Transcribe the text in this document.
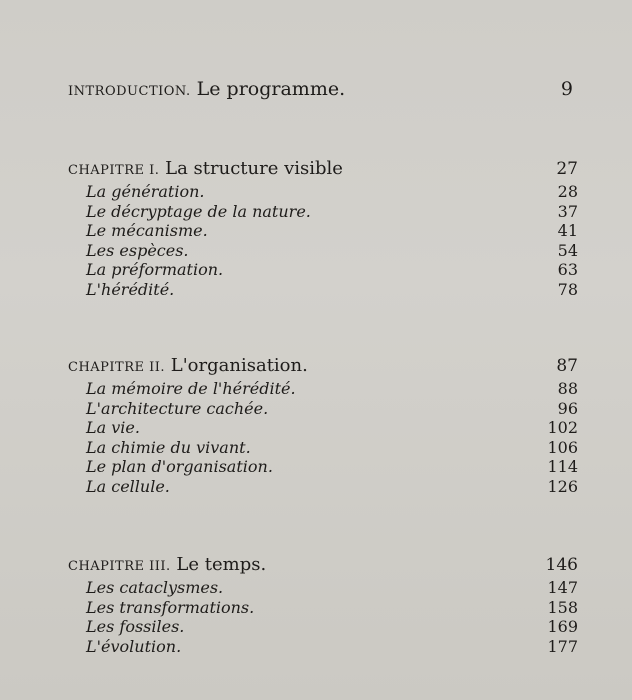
INTRODUCTION. Le programme.	9
CHAPITRE I. La structure visible	27
La génération.	28
Le décryptage de la nature.	37
Le mécanisme.	41
Les espèces.	54
La préformation.	63
L'hérédité.	78
CHAPITRE II. L'organisation.	87
La mémoire de l'hérédité.	88
L'architecture cachée.	96
La vie.	102
La chimie du vivant.	106
Le plan d'organisation.	114
La cellule.	126
CHAPITRE III. Le temps.	146
Les cataclysmes.	147
Les transformations.	158
Les fossiles.	169
L'évolution.	177
